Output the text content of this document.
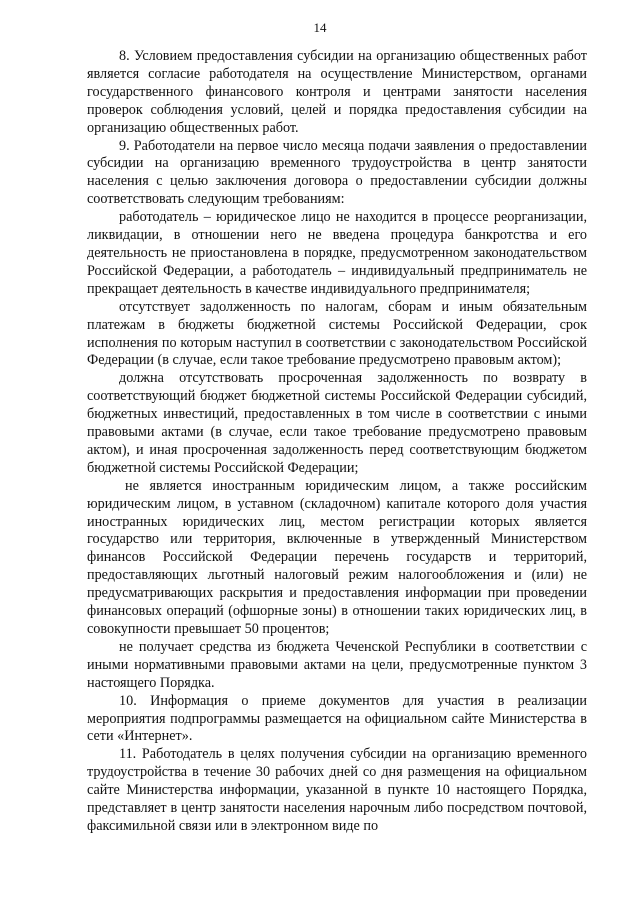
14

8. Условием предоставления субсидии на организацию общественных работ является согласие работодателя на осуществление Министерством, органами государственного финансового контроля и центрами занятости населения проверок соблюдения условий, целей и порядка предоставления субсидии на организацию общественных работ.

9. Работодатели на первое число месяца подачи заявления о предоставлении субсидии на организацию временного трудоустройства в центр занятости населения с целью заключения договора о предоставлении субсидии должны соответствовать следующим требованиям:

работодатель – юридическое лицо не находится в процессе реорганизации, ликвидации, в отношении него не введена процедура банкротства и его деятельность не приостановлена в порядке, предусмотренном законодательством Российской Федерации, а работодатель – индивидуальный предприниматель не прекращает деятельность в качестве индивидуального предпринимателя;

отсутствует задолженность по налогам, сборам и иным обязательным платежам в бюджеты бюджетной системы Российской Федерации, срок исполнения по которым наступил в соответствии с законодательством Российской Федерации (в случае, если такое требование предусмотрено правовым актом);

должна отсутствовать просроченная задолженность по возврату в соответствующий бюджет бюджетной системы Российской Федерации субсидий, бюджетных инвестиций, предоставленных в том числе в соответствии с иными правовыми актами (в случае, если такое требование предусмотрено правовым актом), и иная просроченная задолженность перед соответствующим бюджетом бюджетной системы Российской Федерации;

не является иностранным юридическим лицом, а также российским юридическим лицом, в уставном (складочном) капитале которого доля участия иностранных юридических лиц, местом регистрации которых является государство или территория, включенные в утвержденный Министерством финансов Российской Федерации перечень государств и территорий, предоставляющих льготный налоговый режим налогообложения и (или) не предусматривающих раскрытия и предоставления информации при проведении финансовых операций (офшорные зоны) в отношении таких юридических лиц, в совокупности превышает 50 процентов;

не получает средства из бюджета Чеченской Республики в соответствии с иными нормативными правовыми актами на цели, предусмотренные пунктом 3 настоящего Порядка.

10. Информация о приеме документов для участия в реализации мероприятия подпрограммы размещается на официальном сайте Министерства в сети «Интернет».

11. Работодатель в целях получения субсидии на организацию временного трудоустройства в течение 30 рабочих дней со дня размещения на официальном сайте Министерства информации, указанной в пункте 10 настоящего Порядка, представляет в центр занятости населения нарочным либо посредством почтовой, факсимильной связи или в электронном виде по
